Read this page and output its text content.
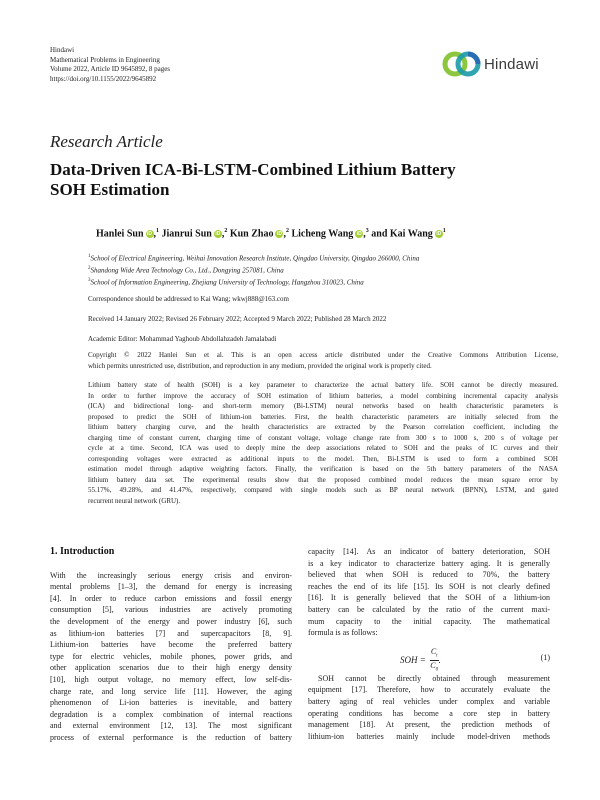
Hindawi
Mathematical Problems in Engineering
Volume 2022, Article ID 9645892, 8 pages
https://doi.org/10.1155/2022/9645892
Hindawi
Research Article
Data-Driven ICA-Bi-LSTM-Combined Lithium Battery
SOH Estimation
Hanlei Sun iD ,$^1$ Jianrui Sun iD ,$^2$ Kun Zhao iD ,$^2$ Licheng Wang iD ,$^3$ and Kai Wang $iD^1$
$^1$School of Electrical Engineering, Weihai Innovation Research Institute, Qingdao University, Qingdao 266000, China
$^2$Shandong Wide Area Technology Co., Ltd., Dongying 257081, China
$^3$School of Information Engineering, Zhejiang University of Technology, Hangzhou 310023, China
Correspondence should be addressed to Kai Wang; wkwj888@163.com
Received 14 January 2022; Revised 26 February 2022; Accepted 9 March 2022; Published 28 March 2022
Academic Editor: Mohammad Yaghoub Abdollahzadeh Jamalabadi
Copyright © 2022 Hanlei Sun et al. This is an open access article distributed under the Creative Commons Attribution License,
which permits unrestricted use, distribution, and reproduction in any medium, provided the original work is properly cited.
Lithium battery state of health (SOH) is a key parameter to characterize the actual battery life. SOH cannot be directly measured.
In order to further improve the accuracy of SOH estimation of lithium batteries, a model combining incremental capacity analysis
(ICA) and bidirectional long- and short-term memory (Bi-LSTM) neural networks based on health characteristic parameters is
proposed to predict the SOH of lithium-ion batteries. First, the health characteristic parameters are initially selected from the
lithium battery charging curve, and the health characteristics are extracted by the Pearson correlation coefficient, including the
charging time of constant current, charging time of constant voltage, voltage change rate from 300 s to 1000 s, 200 s of voltage per
cycle at a time. Second, ICA was used to deeply mine the deep associations related to SOH and the peaks of IC curves and their
corresponding voltages were extracted as additional inputs to the model. Then, Bi-LSTM is used to form a combined SOH
estimation model through adaptive weighting factors. Finally, the verification is based on the 5th battery parameters of the NASA
lithium battery data set. The experimental results show that the proposed combined model reduces the mean square error by
55.17%, 49.28%, and 41.47%, respectively, compared with single models such as BP neural network (BPNN), LSTM, and gated
recurrent neural network (GRU).
1. Introduction
With the increasingly serious energy crisis and environ-
mental problems [1–3], the demand for energy is increasing
[4]. In order to reduce carbon emissions and fossil energy
consumption [5], various industries are actively promoting
the development of the energy and power industry [6], such
as lithium-ion batteries [7] and supercapacitors [8, 9].
Lithium-ion batteries have become the preferred battery
type for electric vehicles, mobile phones, power grids, and
other application scenarios due to their high energy density
[10], high output voltage, no memory effect, low self-dis-
charge rate, and long service life [11]. However, the aging
phenomenon of Li-ion batteries is inevitable, and battery
degradation is a complex combination of internal reactions
and external environment [12, 13]. The most significant
process of external performance is the reduction of battery
capacity [14]. As an indicator of battery deterioration, SOH
is a key indicator to characterize battery aging. It is generally
believed that when SOH is reduced to 70%, the battery
reaches the end of its life [15]. Its SOH is not clearly defined
[16]. It is generally believed that the SOH of a lithium-ion
battery can be calculated by the ratio of the current maxi-
mum capacity to the initial capacity. The mathematical
formula is as follows:
SOH = $\frac{C_t}{C_0}$ .	(1)
SOH cannot be directly obtained through measurement
equipment [17]. Therefore, how to accurately evaluate the
battery aging of real vehicles under complex and variable
operating conditions has become a core step in battery
management [18]. At present, the prediction methods of
lithium-ion batteries mainly include model-driven methods
